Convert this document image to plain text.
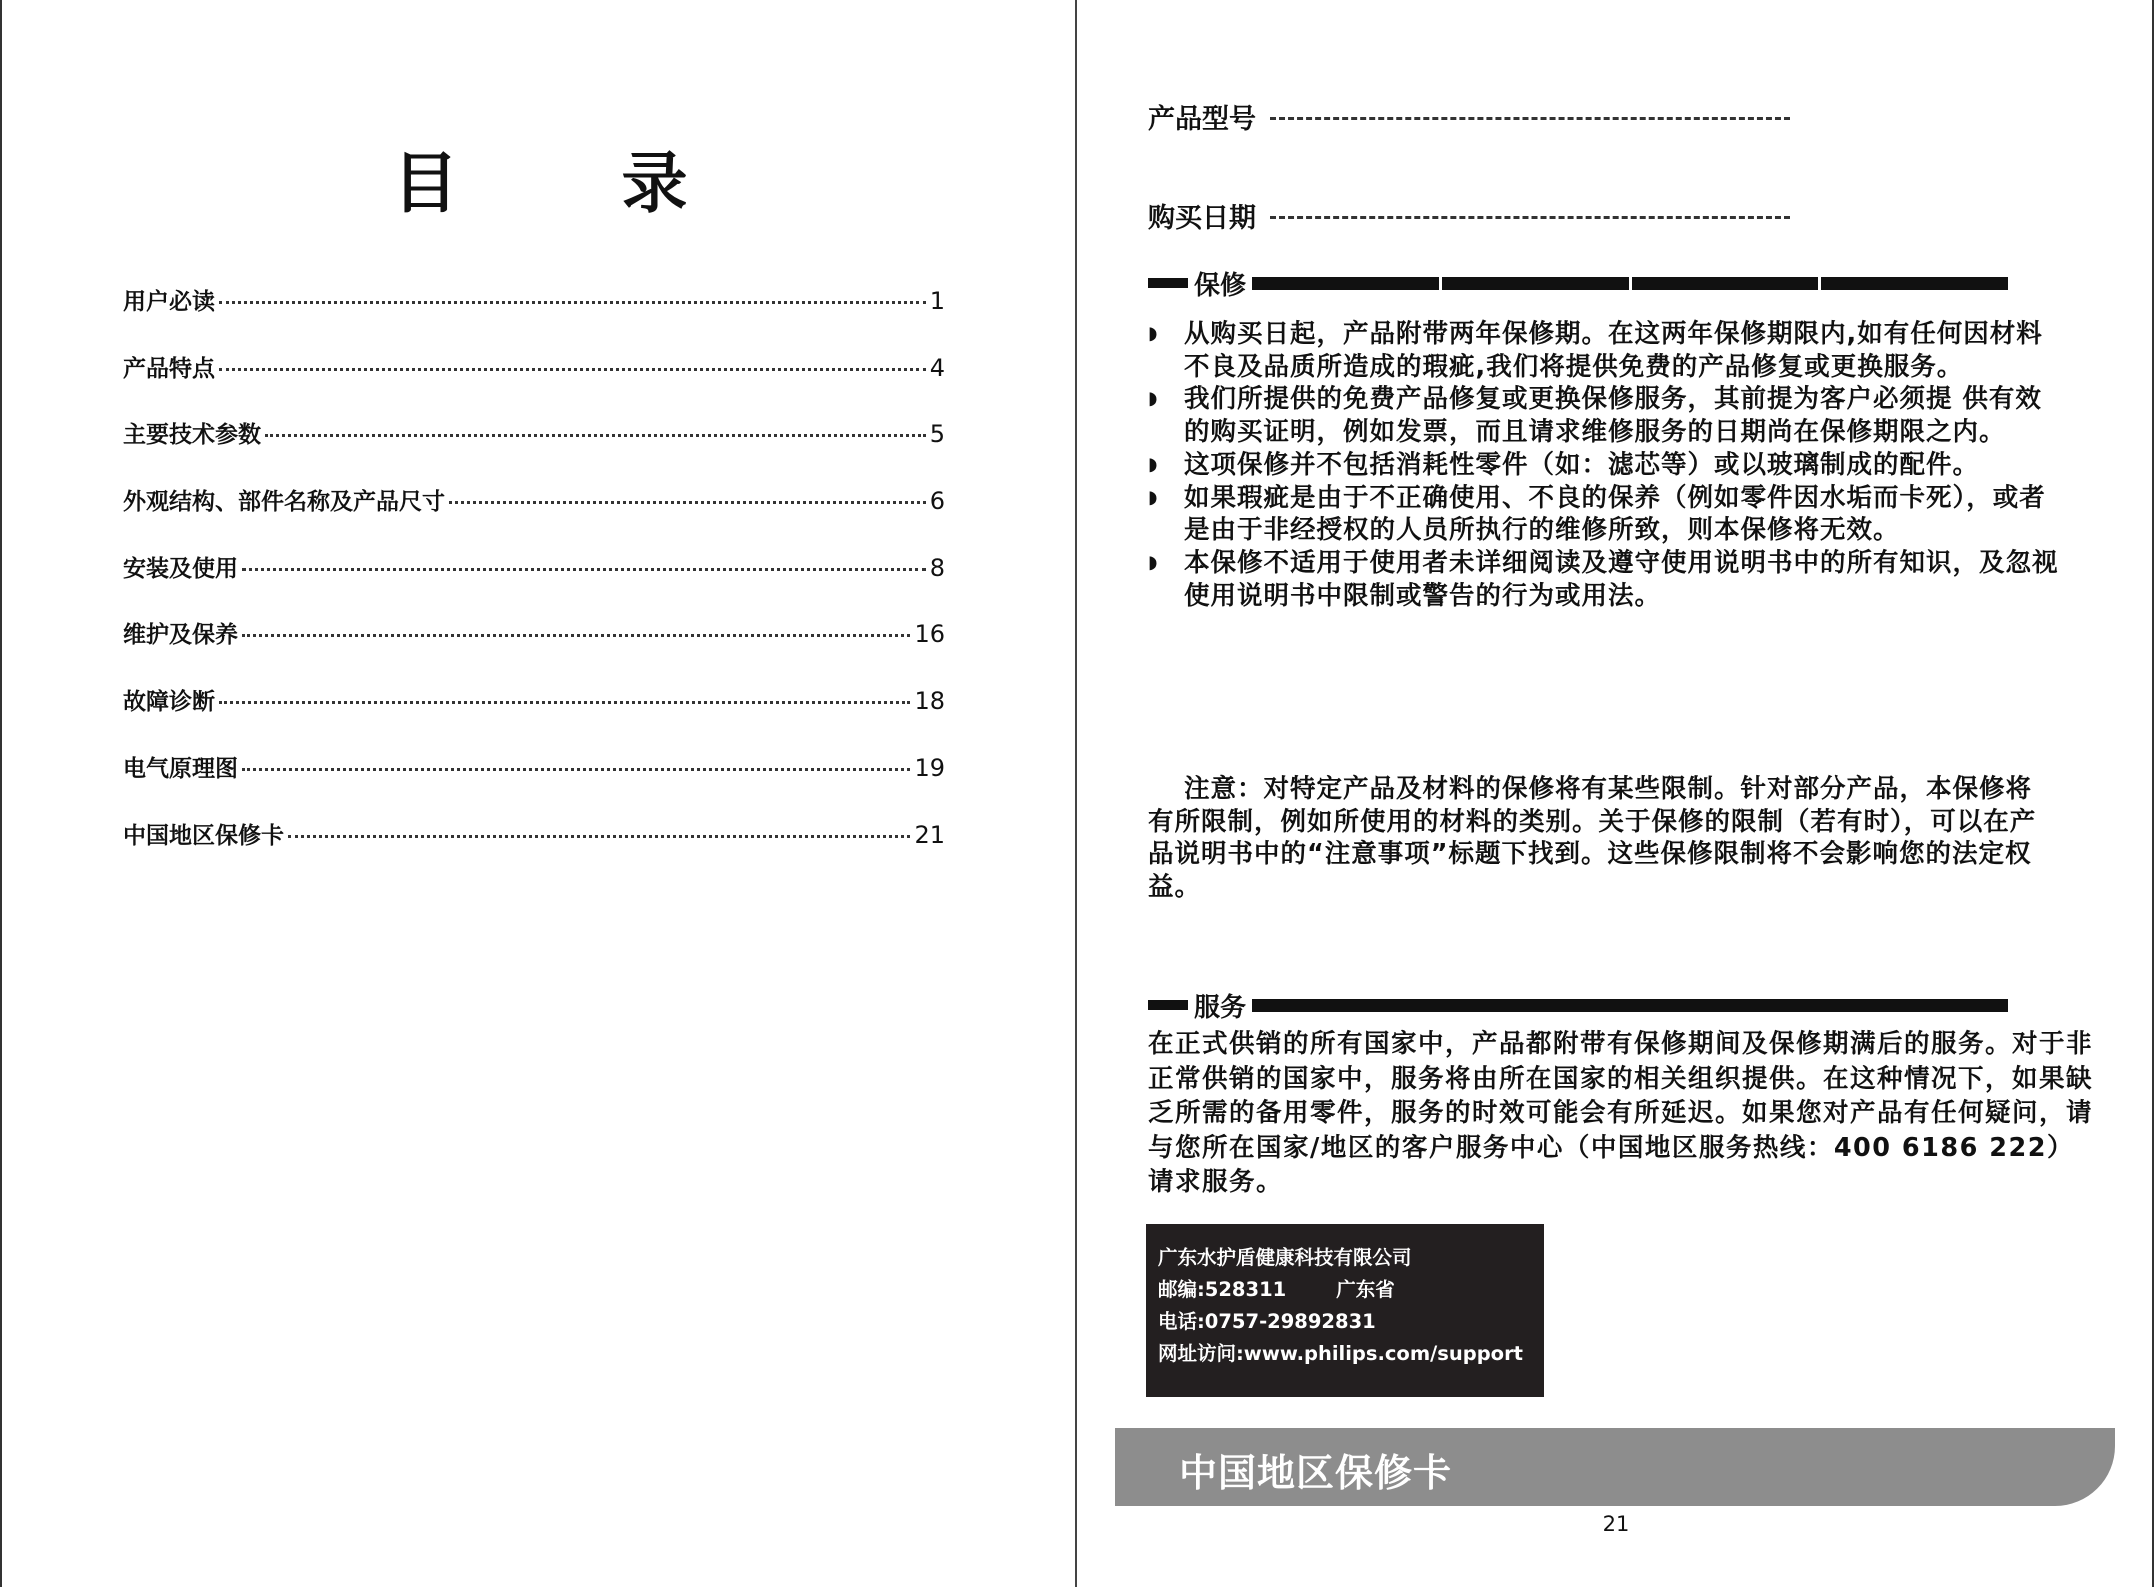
目 录
用户必读	1
产品特点	4
主要技术参数	5
外观结构、部件名称及产品尺寸	6
安装及使用	8
维护及保养	16
故障诊断	18
电气原理图	19
中国地区保修卡	21
产品型号
购买日期
保修
◗	从购买日起，产品附带两年保修期。在这两年保修期限内,如有任何因材料不良及品质所造成的瑕疵,我们将提供免费的产品修复或更换服务。
◗	我们所提供的免费产品修复或更换保修服务，其前提为客户必须提 供有效的购买证明，例如发票，而且请求维修服务的日期尚在保修期限之内。
◗	这项保修并不包括消耗性零件（如：滤芯等）或以玻璃制成的配件。
◗	如果瑕疵是由于不正确使用、不良的保养（例如零件因水垢而卡死），或者是由于非经授权的人员所执行的维修所致，则本保修将无效。
◗	本保修不适用于使用者未详细阅读及遵守使用说明书中的所有知识，及忽视使用说明书中限制或警告的行为或用法。
注意：对特定产品及材料的保修将有某些限制。针对部分产品，本保修将有所限制，例如所使用的材料的类别。关于保修的限制（若有时），可以在产品说明书中的“注意事项”标题下找到。这些保修限制将不会影响您的法定权益。
服务
在正式供销的所有国家中，产品都附带有保修期间及保修期满后的服务。对于非正常供销的国家中，服务将由所在国家的相关组织提供。在这种情况下，如果缺乏所需的备用零件，服务的时效可能会有所延迟。如果您对产品有任何疑问，请与您所在国家/地区的客户服务中心（中国地区服务热线：400 6186 222）请求服务。
广东水护盾健康科技有限公司
邮编:528311	广东省
电话:0757-29892831
网址访问:www.philips.com/support
中国地区保修卡
21
